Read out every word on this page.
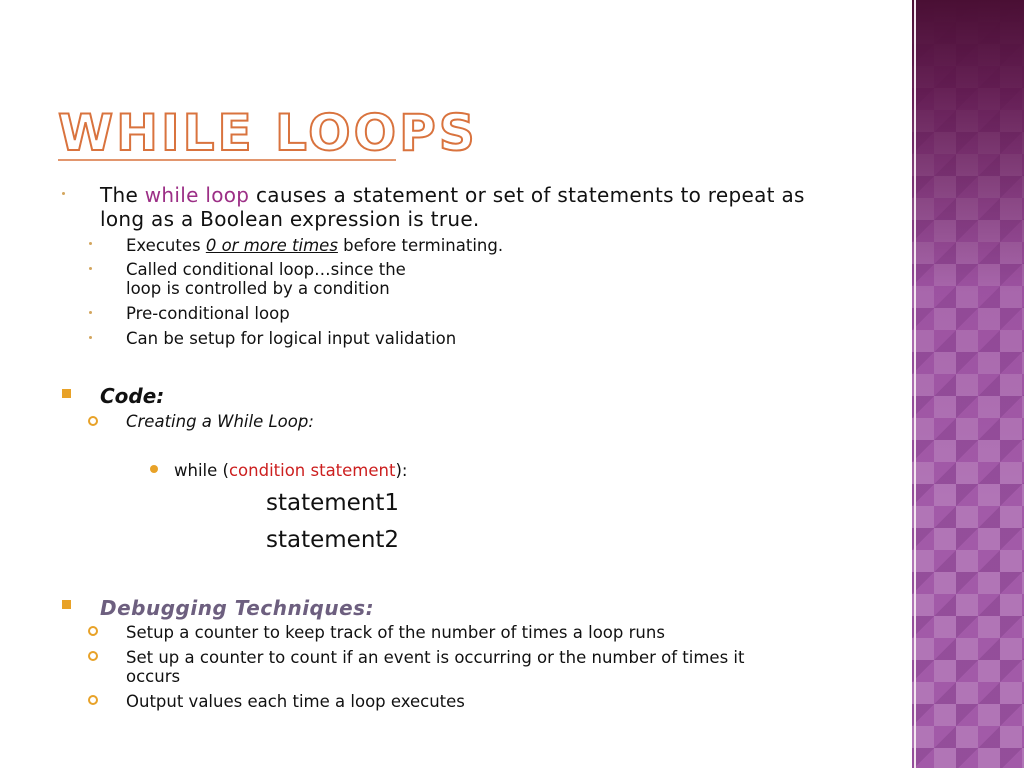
WHILE LOOPS
The while loop causes a statement or set of statements to repeat as
long as a Boolean expression is true.
Executes 0 or more times before terminating.
Called conditional loop…since the
loop is controlled by a condition
Pre-conditional loop
Can be setup for logical input validation
Code:
Creating a While Loop:
while (condition statement):
statement1
statement2
Debugging Techniques:
Setup a counter to keep track of the number of times a loop runs
Set up a counter to count if an event is occurring or the number of times it
occurs
Output values each time a loop executes
